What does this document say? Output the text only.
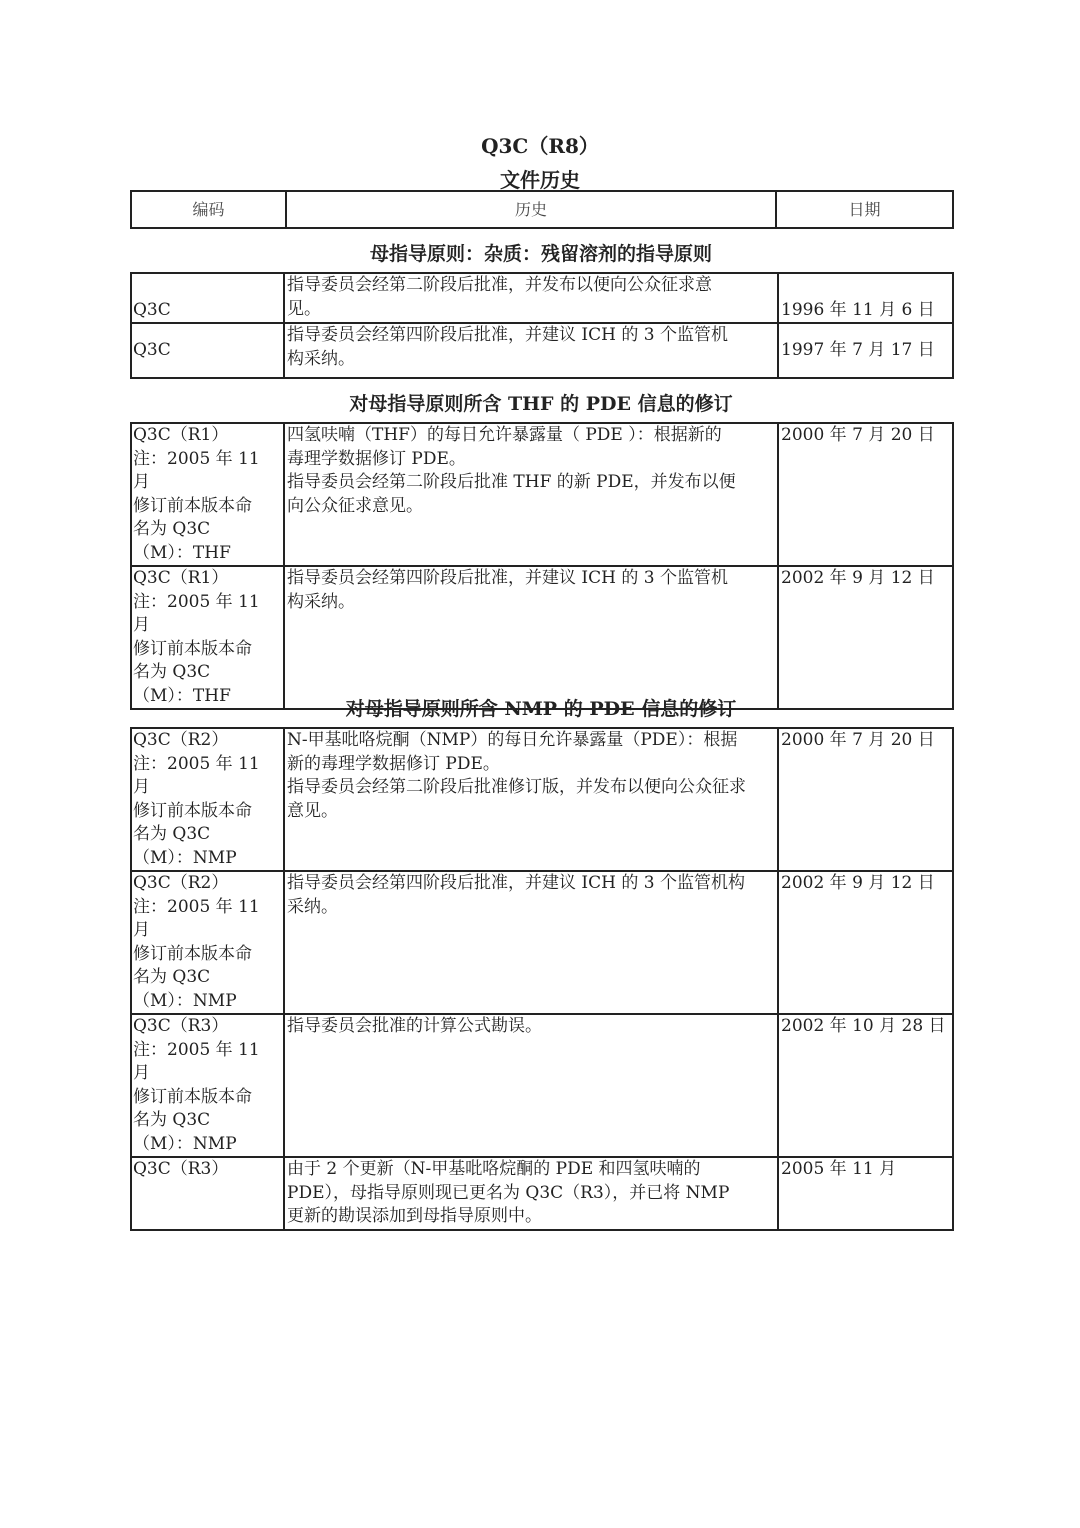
Q3C（R8）
文件历史
编码	历史	日期
母指导原则：杂质：残留溶剂的指导原则
Q3C	指导委员会经第二阶段后批准，并发布以便向公众征求意
见。	1996 年 11 月 6 日

Q3C	指导委员会经第四阶段后批准，并建议 ICH 的 3 个监管机
构采纳。	1997 年 7 月 17 日
对母指导原则所含 THF 的 PDE 信息的修订
Q3C（R1）
注：2005 年 11 月
修订前本版本命
名为 Q3C
（M）：THF	四氢呋喃（THF）的每日允许暴露量（ PDE ）：根据新的
毒理学数据修订 PDE。
指导委员会经第二阶段后批准 THF 的新 PDE，并发布以便
向公众征求意见。	2000 年 7 月 20 日

Q3C（R1）
注：2005 年 11 月
修订前本版本命
名为 Q3C
（M）：THF	指导委员会经第四阶段后批准，并建议 ICH 的 3 个监管机
构采纳。	2002 年 9 月 12 日
对母指导原则所含 NMP 的 PDE 信息的修订
Q3C（R2）
注：2005 年 11 月
修订前本版本命
名为 Q3C
（M）：NMP	N-甲基吡咯烷酮（NMP）的每日允许暴露量（PDE）：根据
新的毒理学数据修订 PDE。
指导委员会经第二阶段后批准修订版，并发布以便向公众征求
意见。	2000 年 7 月 20 日

Q3C（R2）
注：2005 年 11 月
修订前本版本命
名为 Q3C
（M）：NMP	指导委员会经第四阶段后批准，并建议 ICH 的 3 个监管机构
采纳。	2002 年 9 月 12 日

Q3C（R3）
注：2005 年 11 月
修订前本版本命
名为 Q3C
（M）：NMP	指导委员会批准的计算公式勘误。	2002 年 10 月 28 日

Q3C（R3）	由于 2 个更新（N-甲基吡咯烷酮的 PDE 和四氢呋喃的
PDE），母指导原则现已更名为 Q3C（R3），并已将 NMP
更新的勘误添加到母指导原则中。	2005 年 11 月
